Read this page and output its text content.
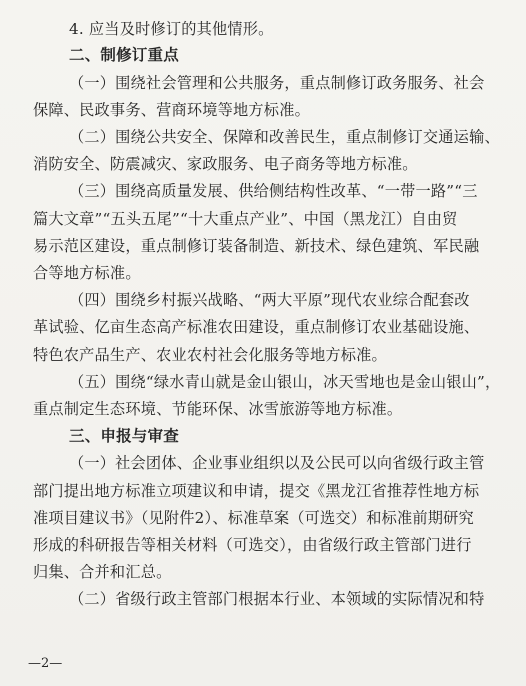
4. 应当及时修订的其他情形。
二、制修订重点
（一）围绕社会管理和公共服务，重点制修订政务服务、社会
保障、民政事务、营商环境等地方标准。
（二）围绕公共安全、保障和改善民生，重点制修订交通运输、
消防安全、防震减灾、家政服务、电子商务等地方标准。
（三）围绕高质量发展、供给侧结构性改革、“一带一路”“三
篇大文章”“五头五尾”“十大重点产业”、中国（黑龙江）自由贸
易示范区建设，重点制修订装备制造、新技术、绿色建筑、军民融
合等地方标准。
（四）围绕乡村振兴战略、“两大平原”现代农业综合配套改
革试验、亿亩生态高产标准农田建设，重点制修订农业基础设施、
特色农产品生产、农业农村社会化服务等地方标准。
（五）围绕“绿水青山就是金山银山，冰天雪地也是金山银山”，
重点制定生态环境、节能环保、冰雪旅游等地方标准。
三、申报与审查
（一）社会团体、企业事业组织以及公民可以向省级行政主管
部门提出地方标准立项建议和申请，提交《黑龙江省推荐性地方标
准项目建议书》（见附件2）、标准草案（可选交）和标准前期研究
形成的科研报告等相关材料（可选交），由省级行政主管部门进行
归集、合并和汇总。
（二）省级行政主管部门根据本行业、本领域的实际情况和特
—2—
